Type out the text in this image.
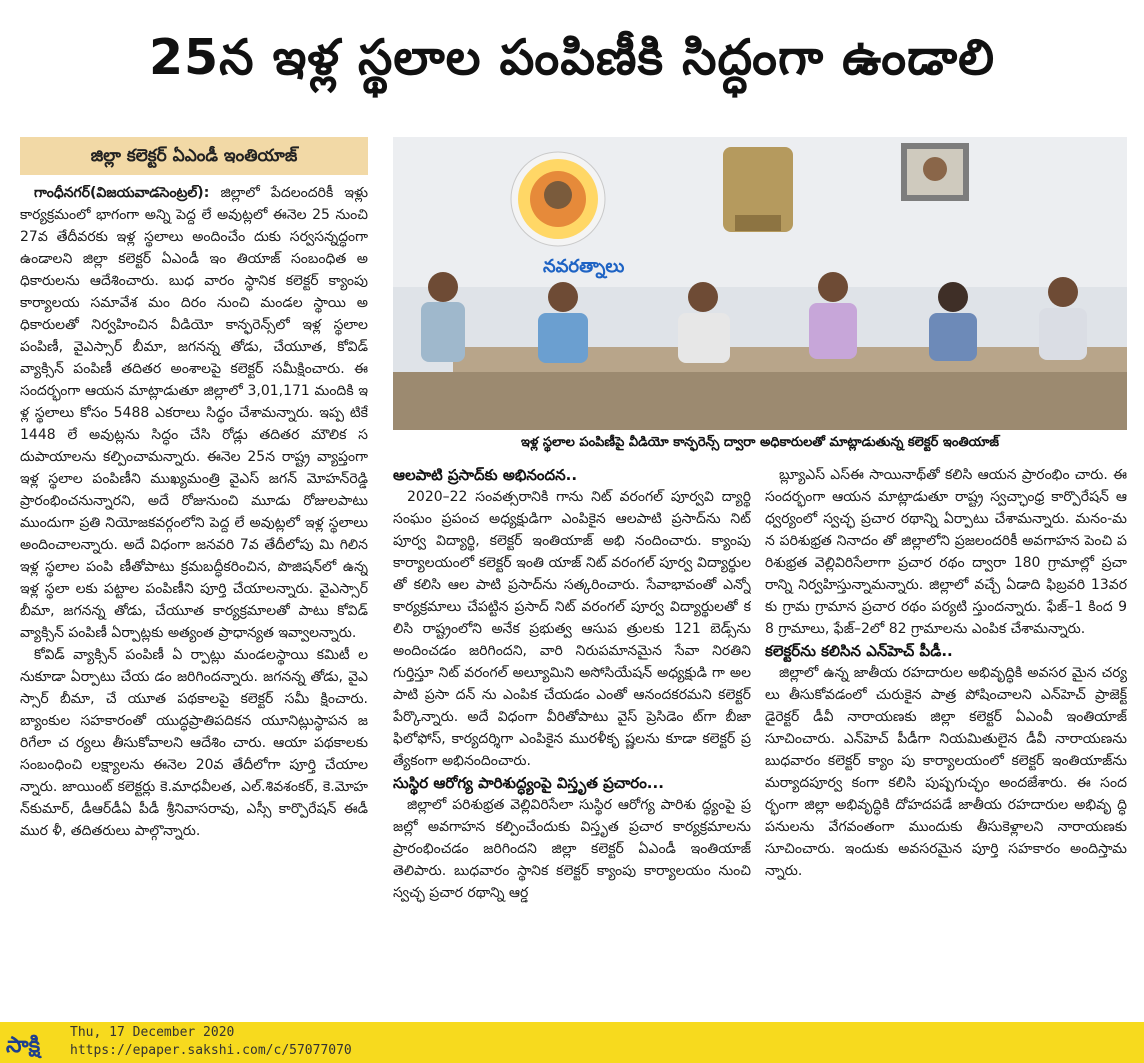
25న ఇళ్ల స్థలాల పంపిణీకి సిద్ధంగా ఉండాలి
జిల్లా కలెక్టర్ ఏఎండీ ఇంతియాజ్

గాంధీనగర్(విజయవాడసెంట్రల్): జిల్లాలో పేదలందరికీ ఇళ్లు కార్యక్రమంలో భాగంగా అన్ని పెద్ద లే అవుట్లలో ఈనెల 25 నుంచి 27వ తేదీవరకు ఇళ్ల స్థలాలు అందించేం దుకు సర్వసన్నద్ధంగా ఉండాలని జిల్లా కలెక్టర్ ఏఎండీ ఇం తియాజ్ సంబంధిత అధికారులను ఆదేశించారు. బుధ వారం స్థానిక కలెక్టర్ క్యాంపు కార్యాలయ సమావేశ మం దిరం నుంచి మండల స్థాయి అధికారులతో నిర్వహించిన వీడియో కాన్ఫరెన్స్‌లో ఇళ్ల స్థలాల పంపిణీ, వైఎస్సార్ బీమా, జగనన్న తోడు, చేయూత, కోవిడ్ వ్యాక్సిన్ పంపిణీ తదితర అంశాలపై కలెక్టర్ సమీక్షించారు. ఈ సందర్భంగా ఆయన మాట్లాడుతూ జిల్లాలో 3,01,171 మందికి ఇళ్ల స్థలాలు కోసం 5488 ఎకరాలు సిద్ధం చేశామన్నారు. ఇప్ప టికే 1448 లే అవుట్లను సిద్ధం చేసి రోడ్లు తదితర మౌలిక సదుపాయాలను కల్పించామన్నారు. ఈనెల 25న రాష్ట్ర వ్యాప్తంగా ఇళ్ల స్థలాల పంపిణీని ముఖ్యమంత్రి వైఎస్ జగన్ మోహన్‌రెడ్డి ప్రారంభించనున్నారని, అదే రోజునుంచి మూడు రోజులపాటు ముందుగా ప్రతి నియోజకవర్గంలోని పెద్ద లే అవుట్లలో ఇళ్ల స్థలాలు అందించాలన్నారు. అదే విధంగా జనవరి 7వ తేదీలోపు మి గిలిన ఇళ్ల స్థలాల పంపి ణీతోపాటు క్రమబద్ధీకరించిన, పొజిషన్‌లో ఉన్న ఇళ్ల స్థలా లకు పట్టాల పంపిణీని పూర్తి చేయాలన్నారు. వైఎస్సార్ బీమా, జగనన్న తోడు, చేయూత కార్యక్రమాలతో పాటు కోవిడ్ వ్యాక్సిన్ పంపిణీ ఏర్పాట్లకు అత్యంత ప్రాధాన్యత ఇవ్వాలన్నారు.

కోవిడ్ వ్యాక్సిన్ పంపిణీ ఏ ర్పాట్లు మండలస్థాయి కమిటీ లనుకూడా ఏర్పాటు చేయ డం జరిగిందన్నారు. జగనన్న తోడు, వైఎస్సార్ బీమా, చే యూత పథకాలపై కలెక్టర్ సమీ క్షించారు. బ్యాంకుల సహకారంతో యుద్ధప్రాతిపదికన యూనిట్లుస్థాపన జరిగేలా చ ర్యలు తీసుకోవాలని ఆదేశిం చారు. ఆయా పథకాలకు సంబంధించి లక్ష్యాలను ఈనెల 20వ తేదీలోగా పూర్తి చేయాలన్నారు. జాయింట్ కలెక్టర్లు కె.మాధవీలత, ఎల్.శివశంకర్, కె.మోహన్‌కుమార్, డీఆర్‌డీఏ పీడీ శ్రీనివాసరావు, ఎస్సీ కార్పొరేషన్ ఈడీ ముర ళీ, తదితరులు పాల్గొన్నారు.

నవరత్నాలు
ఇళ్ల స్థలాల పంపిణీపై వీడియో కాన్ఫరెన్స్ ద్వారా అధికారులతో మాట్లాడుతున్న కలెక్టర్ ఇంతియాజ్
ఆలపాటి ప్రసాద్‌కు అభినందన..

2020–22 సంవత్సరానికి గాను నిట్ వరంగల్ పూర్వవి ద్యార్థి సంఘం ప్రపంచ అధ్యక్షుడిగా ఎంపికైన ఆలపాటి ప్రసాద్‌ను నిట్ పూర్వ విద్యార్థి, కలెక్టర్ ఇంతియాజ్ అభి నందించారు. క్యాంపు కార్యాలయంలో కలెక్టర్ ఇంతి యాజ్ నిట్ వరంగల్ పూర్వ విద్యార్థులతో కలిసి ఆల పాటి ప్రసాద్‌ను సత్కరించారు. సేవాభావంతో ఎన్నో కార్యక్రమాలు చేపట్టిన ప్రసాద్ నిట్ వరంగల్ పూర్వ విద్యార్థులతో కలిసి రాష్ట్రంలోని అనేక ప్రభుత్వ ఆసుప త్రులకు 121 బెడ్స్‌ను అందించడం జరిగిందని, వారి నిరుపమానమైన సేవా నిరతిని గుర్తిస్తూ నిట్ వరంగల్ అల్యూమిని అసోసియేషన్ అధ్యక్షుడి గా అలపాటి ప్రసా దన్ ను ఎంపిక చేయడం ఎంతో ఆనందకరమని కలెక్టర్ పేర్కొన్నారు. అదే విధంగా వీరితోపాటు వైస్ ప్రెసిడెం ట్‌గా బీజా ఫిలోఫోస్, కార్యదర్శిగా ఎంపికైన మురళీకృ ష్ణలను కూడా కలెక్టర్ ప్రత్యేకంగా అభినందించారు.

సుస్థిర ఆరోగ్య పారిశుద్ధ్యంపై విస్తృత ప్రచారం...

జిల్లాలో పరిశుభ్రత వెల్లివిరిసేలా సుస్థిర ఆరోగ్య పారిశు ద్ధ్యంపై ప్రజల్లో అవగాహన కల్పించేందుకు విస్తృత ప్రచార కార్యక్రమాలను ప్రారంభించడం జరిగిందని జిల్లా కలెక్టర్ ఏఎండీ ఇంతియాజ్ తెలిపారు. బుధవారం స్థానిక కలెక్టర్ క్యాంపు కార్యాలయం నుంచి స్వచ్ఛ ప్రచార రథాన్ని ఆర్డ

బ్ల్యూఎస్ ఎస్ఈ సాయినాథ్‌తో కలిసి ఆయన ప్రారంభిం చారు. ఈ సందర్భంగా ఆయన మాట్లాడుతూ రాష్ట్ర స్వచ్ఛాంధ్ర కార్పొరేషన్ ఆధ్వర్యంలో స్వచ్ఛ ప్రచార రథాన్ని ఏర్పాటు చేశామన్నారు. మనం-మన పరిశుభ్రత నినాదం తో జిల్లాలోని ప్రజలందరికీ అవగాహన పెంచి పరిశుభ్రత వెల్లివిరిసేలాగా ప్రచార రథం ద్వారా 180 గ్రామాల్లో ప్రచా రాన్ని నిర్వహిస్తున్నామన్నారు. జిల్లాలో వచ్చే ఏడాది ఫిబ్రవరి 13వరకు గ్రామ గ్రామాన ప్రచార రథం పర్యటి స్తుందన్నారు. ఫేజ్–1 కింద 98 గ్రామాలు, ఫేజ్–2లో 82 గ్రామాలను ఎంపిక చేశామన్నారు.

కలెక్టర్‌ను కలిసిన ఎన్‌హెచ్ పీడీ..

జిల్లాలో ఉన్న జాతీయ రహదారుల అభివృద్ధికి అవసర మైన చర్యలు తీసుకోవడంలో చురుకైన పాత్ర పోషించాలని ఎన్‌హెచ్ ప్రాజెక్ట్ డైరెక్టర్ డీవీ నారాయణకు జిల్లా కలెక్టర్ ఏఎంవీ ఇంతియాజ్ సూచించారు. ఎన్‌హెచ్ పీడీగా నియమితులైన డీవీ నారాయణను బుధవారం కలెక్టర్ క్యాం పు కార్యాలయంలో కలెక్టర్ ఇంతియాజ్‌ను మర్యాదపూర్వ కంగా కలిసి పుష్పగుచ్ఛం అందజేశారు. ఈ సందర్భంగా జిల్లా అభివృద్ధికి దోహదపడే జాతీయ రహదారుల అభివృ ద్ధి పనులను వేగవంతంగా ముందుకు తీసుకెళ్లాలని నారాయణకు సూచించారు. ఇందుకు అవసరమైన పూర్తి సహకారం అందిస్తామన్నారు.

సాక్షి
Thu, 17 December 2020
https://epaper.sakshi.com/c/57077070
